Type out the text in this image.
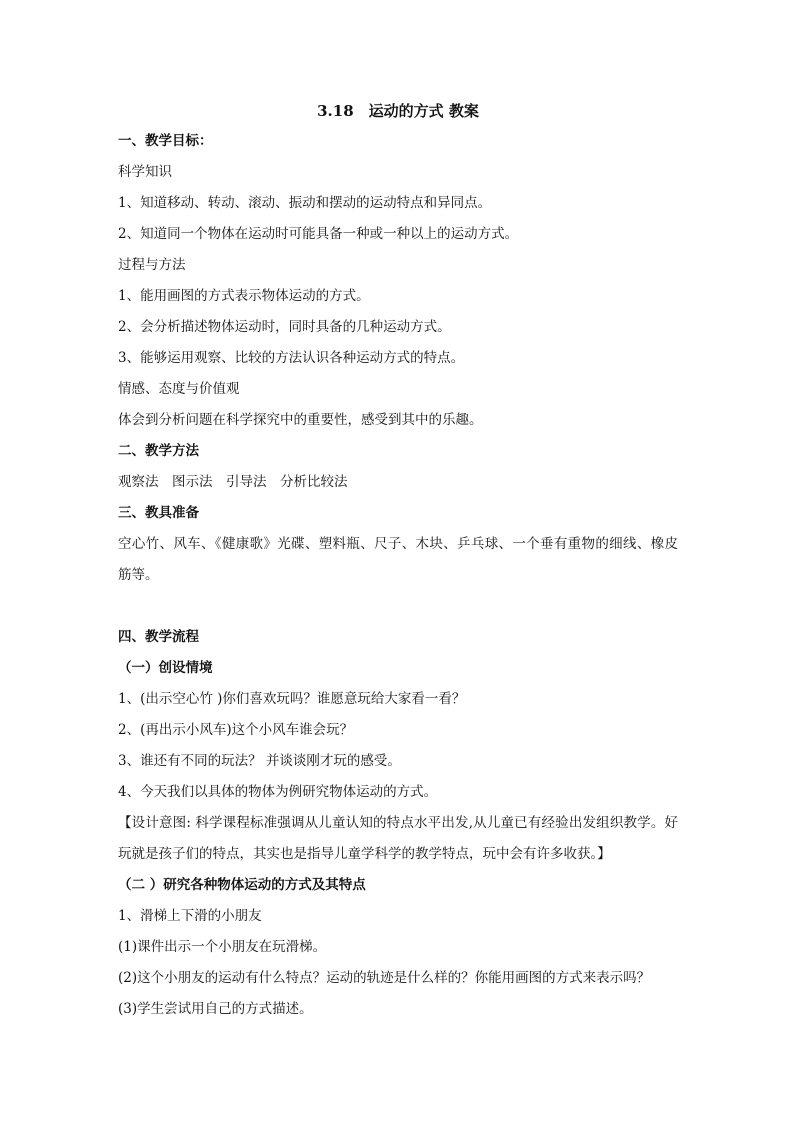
3.18　运动的方式 教案

一、教学目标：

科学知识

1、知道移动、转动、滚动、振动和摆动的运动特点和异同点。

2、知道同一个物体在运动时可能具备一种或一种以上的运动方式。

过程与方法

1、能用画图的方式表示物体运动的方式。

2、会分析描述物体运动时，同时具备的几种运动方式。

3、能够运用观察、比较的方法认识各种运动方式的特点。

情感、态度与价值观

体会到分析问题在科学探究中的重要性，感受到其中的乐趣。

二、教学方法

观察法　图示法　引导法　分析比较法

三、教具准备

空心竹、风车、《健康歌》光碟、塑料瓶、尺子、木块、乒乓球、一个垂有重物的细线、橡皮筋等。

四、教学流程

（一）创设情境

1、(出示空心竹 )你们喜欢玩吗？谁愿意玩给大家看一看？

2、(再出示小风车)这个小风车谁会玩？

3、谁还有不同的玩法？ 并谈谈刚才玩的感受。

4、今天我们以具体的物体为例研究物体运动的方式。

【设计意图: 科学课程标准强调从儿童认知的特点水平出发,从儿童已有经验出发组织教学。好玩就是孩子们的特点，其实也是指导儿童学科学的教学特点，玩中会有许多收获。】

（二 ）研究各种物体运动的方式及其特点

1、滑梯上下滑的小朋友

(1)课件出示一个小朋友在玩滑梯。

(2)这个小朋友的运动有什么特点？运动的轨迹是什么样的？你能用画图的方式来表示吗？

(3)学生尝试用自己的方式描述。
